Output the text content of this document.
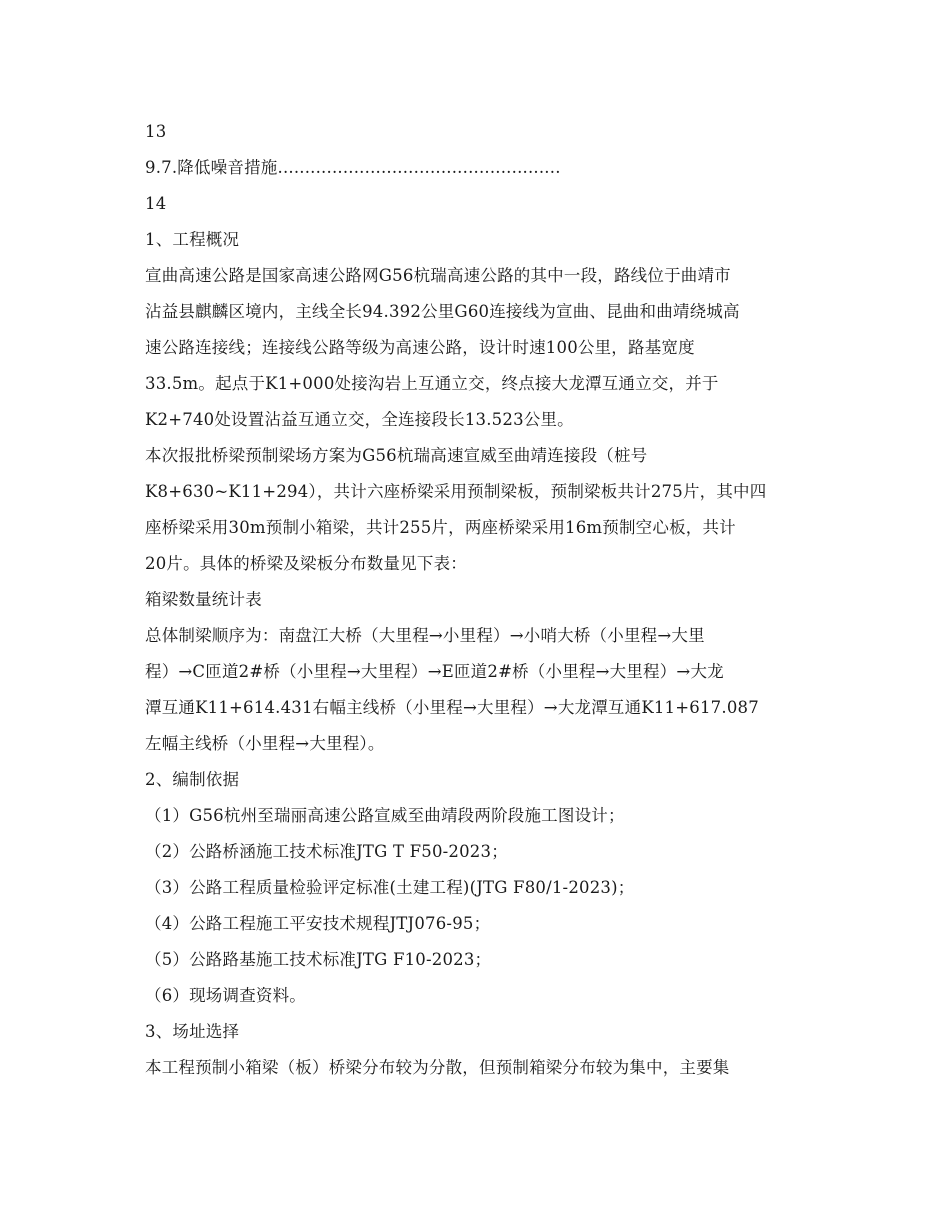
13
9.7.降低噪音措施....................................................
14
1、工程概况
宣曲高速公路是国家高速公路网G56杭瑞高速公路的其中一段，路线位于曲靖市
沾益县麒麟区境内，主线全长94.392公里G60连接线为宣曲、昆曲和曲靖绕城高
速公路连接线；连接线公路等级为高速公路，设计时速100公里，路基宽度
33.5m。起点于K1+000处接沟岩上互通立交，终点接大龙潭互通立交，并于
K2+740处设置沾益互通立交，全连接段长13.523公里。
本次报批桥梁预制梁场方案为G56杭瑞高速宣威至曲靖连接段（桩号
K8+630~K11+294），共计六座桥梁采用预制梁板，预制梁板共计275片，其中四
座桥梁采用30m预制小箱梁，共计255片，两座桥梁采用16m预制空心板，共计
20片。具体的桥梁及梁板分布数量见下表：
箱梁数量统计表
总体制梁顺序为：南盘江大桥（大里程→小里程）→小哨大桥（小里程→大里
程）→C匝道2#桥（小里程→大里程）→E匝道2#桥（小里程→大里程）→大龙
潭互通K11+614.431右幅主线桥（小里程→大里程）→大龙潭互通K11+617.087
左幅主线桥（小里程→大里程）。
2、编制依据
（1）G56杭州至瑞丽高速公路宣威至曲靖段两阶段施工图设计；
（2）公路桥涵施工技术标准JTG T F50-2023；
（3）公路工程质量检验评定标准(土建工程)(JTG F80/1-2023)；
（4）公路工程施工平安技术规程JTJ076-95；
（5）公路路基施工技术标准JTG F10-2023；
（6）现场调查资料。
3、场址选择
本工程预制小箱梁（板）桥梁分布较为分散，但预制箱梁分布较为集中，主要集
